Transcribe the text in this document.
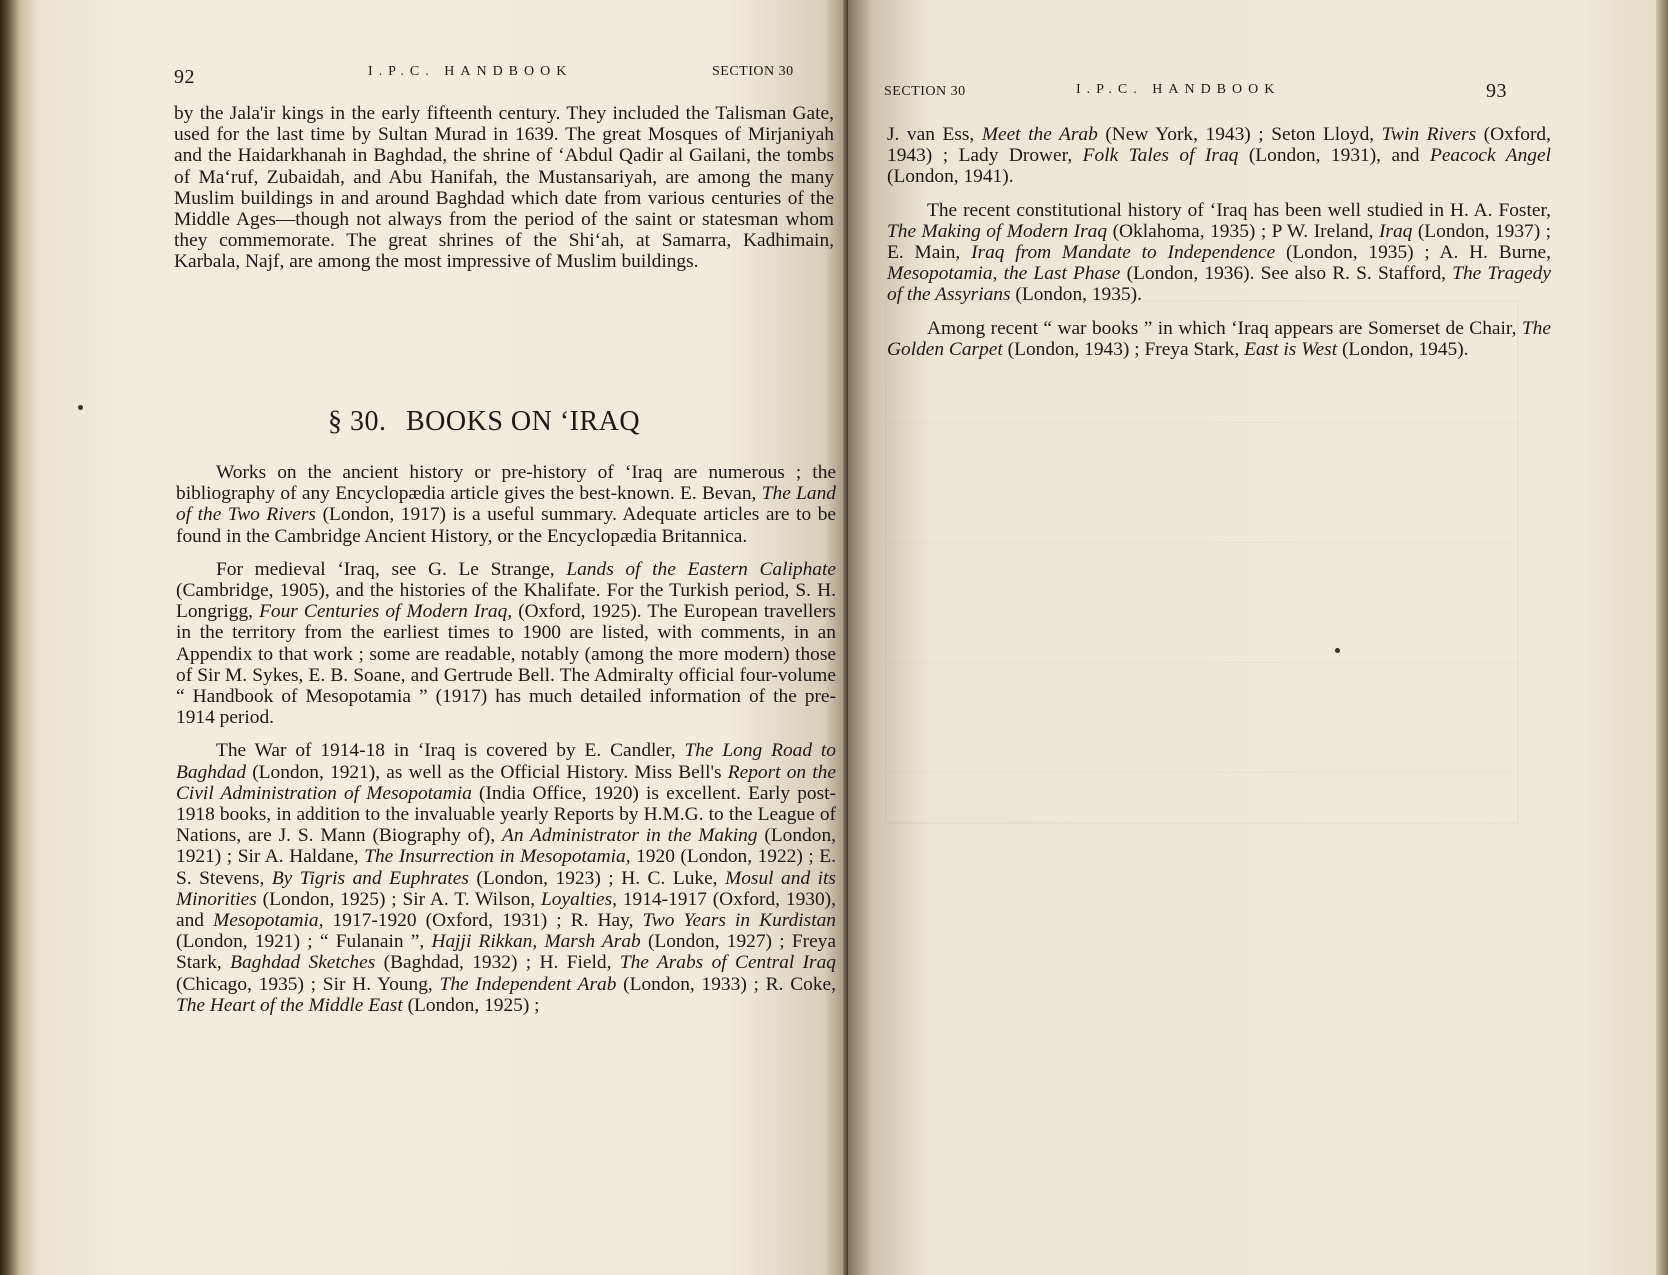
92	I.P.C. HANDBOOK	SECTION 30

by the Jala'ir kings in the early fifteenth century. They included the Talisman Gate, used for the last time by Sultan Murad in 1639. The great Mosques of Mirjaniyah and the Haidarkhanah in Baghdad, the shrine of ‘Abdul Qadir al Gailani, the tombs of Ma‘ruf, Zubaidah, and Abu Hanifah, the Mustansariyah, are among the many Muslim buildings in and around Baghdad which date from various centuries of the Middle Ages—though not always from the period of the saint or statesman whom they commemorate. The great shrines of the Shi‘ah, at Samarra, Kadhimain, Karbala, Najf, are among the most impressive of Muslim buildings.

§ 30. BOOKS ON ‘IRAQ

Works on the ancient history or pre-history of ‘Iraq are numerous ; the bibliography of any Encyclopædia article gives the best-known. E. Bevan, The Land of the Two Rivers (London, 1917) is a useful summary. Adequate articles are to be found in the Cambridge Ancient History, or the Encyclopædia Britannica.

For medieval ‘Iraq, see G. Le Strange, Lands of the Eastern Caliphate (Cambridge, 1905), and the histories of the Khalifate. For the Turkish period, S. H. Longrigg, Four Centuries of Modern Iraq, (Oxford, 1925). The European travellers in the territory from the earliest times to 1900 are listed, with comments, in an Appendix to that work ; some are readable, notably (among the more modern) those of Sir M. Sykes, E. B. Soane, and Gertrude Bell. The Admiralty official four-volume “ Handbook of Mesopotamia ” (1917) has much detailed information of the pre-1914 period.

The War of 1914-18 in ‘Iraq is covered by E. Candler, The Long Road to Baghdad (London, 1921), as well as the Official History. Miss Bell's Report on the Civil Administration of Mesopotamia (India Office, 1920) is excellent. Early post-1918 books, in addition to the invaluable yearly Reports by H.M.G. to the League of Nations, are J. S. Mann (Biography of), An Administrator in the Making (London, 1921) ; Sir A. Haldane, The Insurrection in Mesopotamia, 1920 (London, 1922) ; E. S. Stevens, By Tigris and Euphrates (London, 1923) ; H. C. Luke, Mosul and its Minorities (London, 1925) ; Sir A. T. Wilson, Loyalties, 1914-1917 (Oxford, 1930), and Mesopotamia, 1917-1920 (Oxford, 1931) ; R. Hay, Two Years in Kurdistan (London, 1921) ; “ Fulanain ”, Hajji Rikkan, Marsh Arab (London, 1927) ; Freya Stark, Baghdad Sketches (Baghdad, 1932) ; H. Field, The Arabs of Central Iraq (Chicago, 1935) ; Sir H. Young, The Independent Arab (London, 1933) ; R. Coke, The Heart of the Middle East (London, 1925) ;

SECTION 30	I.P.C. HANDBOOK	93

J. van Ess, Meet the Arab (New York, 1943) ; Seton Lloyd, Twin Rivers (Oxford, 1943) ; Lady Drower, Folk Tales of Iraq (London, 1931), and Peacock Angel (London, 1941).

The recent constitutional history of ‘Iraq has been well studied in H. A. Foster, The Making of Modern Iraq (Oklahoma, 1935) ; P W. Ireland, Iraq (London, 1937) ; E. Main, Iraq from Mandate to Independence (London, 1935) ; A. H. Burne, Mesopotamia, the Last Phase (London, 1936). See also R. S. Stafford, The Tragedy of the Assyrians (London, 1935).

Among recent “ war books ” in which ‘Iraq appears are Somerset de Chair, The Golden Carpet (London, 1943) ; Freya Stark, East is West (London, 1945).
